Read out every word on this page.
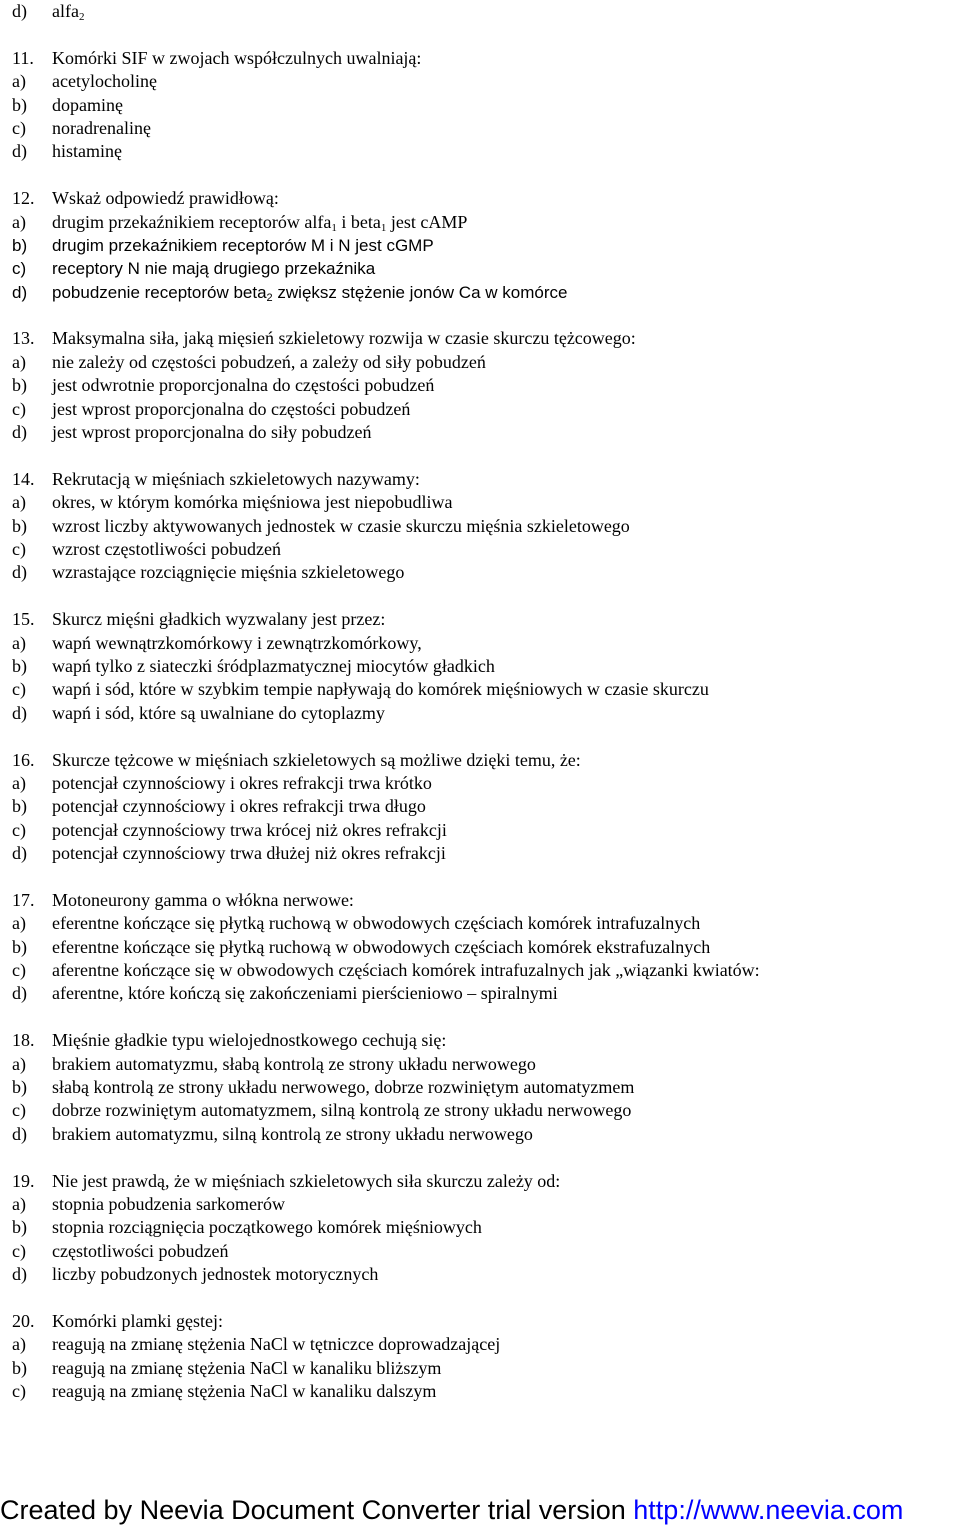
d)	alfa$_2$
11.	Komórki SIF w zwojach współczulnych uwalniają:
a)	acetylocholinę
b)	dopaminę
c)	noradrenalinę
d)	histaminę
12. Wskaż odpowiedź prawidłową:
a)	drugim przekaźnikiem receptorów alfa$_1$ i beta$_1$ jest cAMP
b)	drugim przekaźnikiem receptorów M i N jest cGMP
c)	receptory N nie mają drugiego przekaźnika
d)	pobudzenie receptorów beta$_2$ zwiększ stężenie jonów Ca w komórce
13. Maksymalna siła, jaką mięsień szkieletowy rozwija w czasie skurczu tężcowego:
a)	nie zależy od częstości pobudzeń, a zależy od siły pobudzeń
b)	jest odwrotnie proporcjonalna do częstości pobudzeń
c)	jest wprost proporcjonalna do częstości pobudzeń
d)	jest wprost proporcjonalna do siły pobudzeń
14. Rekrutacją w mięśniach szkieletowych nazywamy:
a)	okres, w którym komórka mięśniowa jest niepobudliwa
b)	wzrost liczby aktywowanych jednostek w czasie skurczu mięśnia szkieletowego
c)	wzrost częstotliwości pobudzeń
d)	wzrastające rozciągnięcie mięśnia szkieletowego
15. Skurcz mięśni gładkich wyzwalany jest przez:
a)	wapń wewnątrzkomórkowy i zewnątrzkomórkowy,
b)	wapń tylko z siateczki śródplazmatycznej miocytów gładkich
c)	wapń i sód, które w szybkim tempie napływają do komórek mięśniowych w czasie skurczu
d)	wapń i sód, które są uwalniane do cytoplazmy
16. Skurcze tężcowe w mięśniach szkieletowych są możliwe dzięki temu, że:
a)	potencjał czynnościowy i okres refrakcji trwa krótko
b)	potencjał czynnościowy i okres refrakcji trwa długo
c)	potencjał czynnościowy trwa krócej niż okres refrakcji
d)	potencjał czynnościowy trwa dłużej niż okres refrakcji
17. Motoneurony gamma o włókna nerwowe:
a)	eferentne kończące się płytką ruchową w obwodowych częściach komórek intrafuzalnych
b)	eferentne kończące się płytką ruchową w obwodowych częściach komórek ekstrafuzalnych
c)	aferentne kończące się w obwodowych częściach komórek intrafuzalnych jak „wiązanki kwiatów:
d)	aferentne, które kończą się zakończeniami pierścieniowo – spiralnymi
18. Mięśnie gładkie typu wielojednostkowego cechują się:
a)	brakiem automatyzmu, słabą kontrolą ze strony układu nerwowego
b)	słabą kontrolą ze strony układu nerwowego, dobrze rozwiniętym automatyzmem
c)	dobrze rozwiniętym automatyzmem, silną kontrolą ze strony układu nerwowego
d)	brakiem automatyzmu, silną kontrolą ze strony układu nerwowego
19. Nie jest prawdą, że w mięśniach szkieletowych siła skurczu zależy od:
a)	stopnia pobudzenia sarkomerów
b)	stopnia rozciągnięcia początkowego komórek mięśniowych
c)	częstotliwości pobudzeń
d)	liczby pobudzonych jednostek motorycznych
20. Komórki plamki gęstej:
a)	reagują na zmianę stężenia NaCl w tętniczce doprowadzającej
b)	reagują na zmianę stężenia NaCl w kanaliku bliższym
c)	reagują na zmianę stężenia NaCl w kanaliku dalszym
Created by Neevia Document Converter trial version http://www.neevia.com
